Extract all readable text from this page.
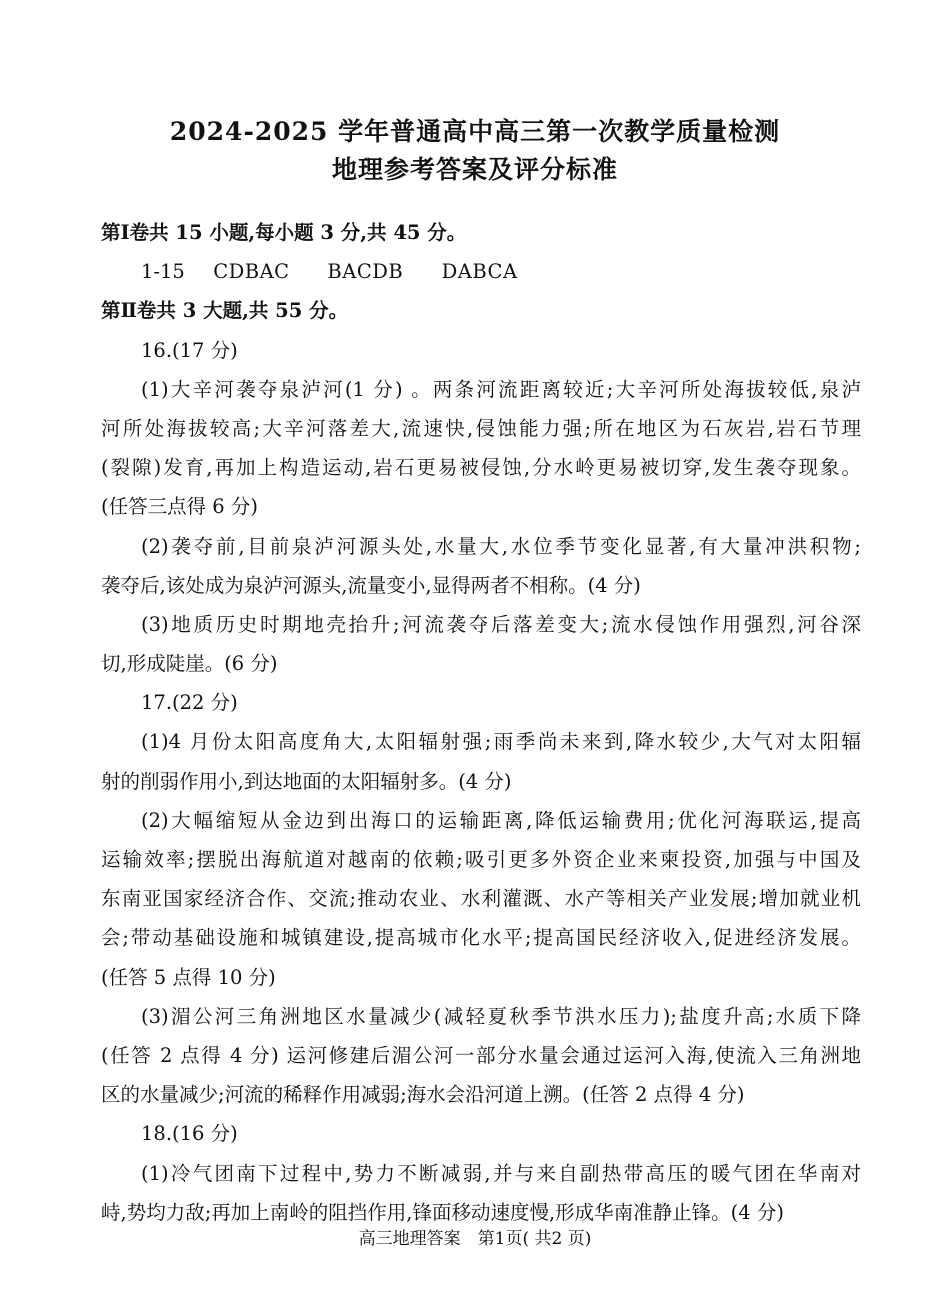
2024-2025 学年普通高中高三第一次教学质量检测
地理参考答案及评分标准
第Ⅰ卷共 15 小题,每小题 3 分,共 45 分。
1-15 CDBAC BACDB DABCA
第Ⅱ卷共 3 大题,共 55 分。
16.(17 分)
(1)大辛河袭夺泉泸河(1 分) 。两条河流距离较近;大辛河所处海拔较低,泉泸
河所处海拔较高;大辛河落差大,流速快,侵蚀能力强;所在地区为石灰岩,岩石节理
(裂隙)发育,再加上构造运动,岩石更易被侵蚀,分水岭更易被切穿,发生袭夺现象。
(任答三点得 6 分)
(2)袭夺前,目前泉泸河源头处,水量大,水位季节变化显著,有大量冲洪积物;
袭夺后,该处成为泉泸河源头,流量变小,显得两者不相称。(4 分)
(3)地质历史时期地壳抬升;河流袭夺后落差变大;流水侵蚀作用强烈,河谷深
切,形成陡崖。(6 分)
17.(22 分)
(1)4 月份太阳高度角大,太阳辐射强;雨季尚未来到,降水较少,大气对太阳辐
射的削弱作用小,到达地面的太阳辐射多。(4 分)
(2)大幅缩短从金边到出海口的运输距离,降低运输费用;优化河海联运,提高
运输效率;摆脱出海航道对越南的依赖;吸引更多外资企业来柬投资,加强与中国及
东南亚国家经济合作、交流;推动农业、水利灌溉、水产等相关产业发展;增加就业机
会;带动基础设施和城镇建设,提高城市化水平;提高国民经济收入,促进经济发展。
(任答 5 点得 10 分)
(3)湄公河三角洲地区水量减少(减轻夏秋季节洪水压力);盐度升高;水质下降
(任答 2 点得 4 分) 运河修建后湄公河一部分水量会通过运河入海,使流入三角洲地
区的水量减少;河流的稀释作用减弱;海水会沿河道上溯。(任答 2 点得 4 分)
18.(16 分)
(1)冷气团南下过程中,势力不断减弱,并与来自副热带高压的暖气团在华南对
峙,势均力敌;再加上南岭的阻挡作用,锋面移动速度慢,形成华南准静止锋。(4 分)
高三地理答案　第1页( 共2 页)
